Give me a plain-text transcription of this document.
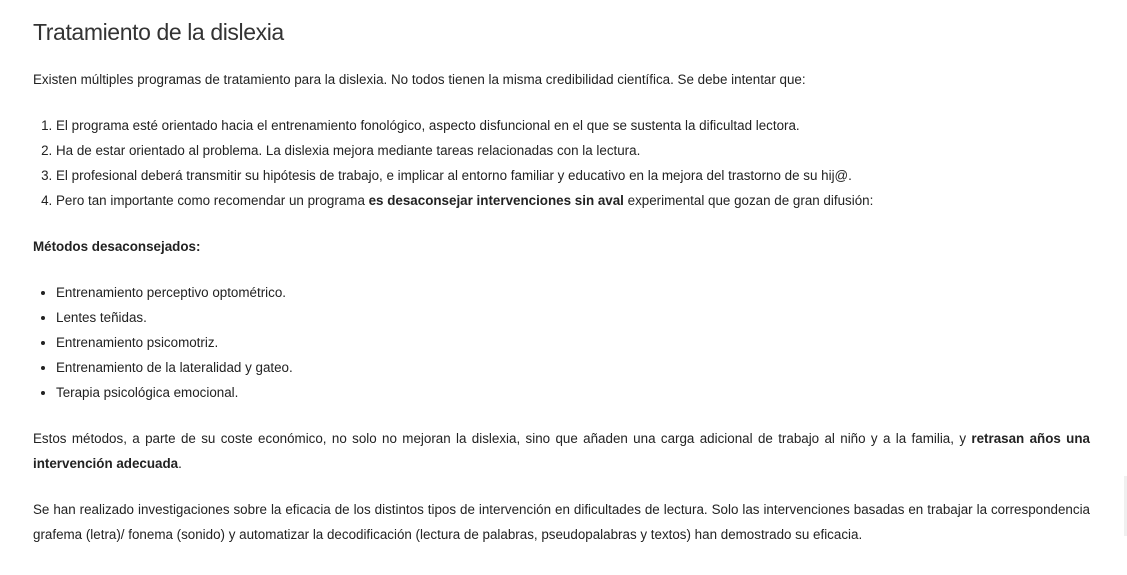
Tratamiento de la dislexia

Existen múltiples programas de tratamiento para la dislexia. No todos tienen la misma credibilidad científica. Se debe intentar que:

1. El programa esté orientado hacia el entrenamiento fonológico, aspecto disfuncional en el que se sustenta la dificultad lectora.
2. Ha de estar orientado al problema. La dislexia mejora mediante tareas relacionadas con la lectura.
3. El profesional deberá transmitir su hipótesis de trabajo, e implicar al entorno familiar y educativo en la mejora del trastorno de su hij@.
4. Pero tan importante como recomendar un programa es desaconsejar intervenciones sin aval experimental que gozan de gran difusión:

Métodos desaconsejados:

• Entrenamiento perceptivo optométrico.
• Lentes teñidas.
• Entrenamiento psicomotriz.
• Entrenamiento de la lateralidad y gateo.
• Terapia psicológica emocional.

Estos métodos, a parte de su coste económico, no solo no mejoran la dislexia, sino que añaden una carga adicional de trabajo al niño y a la familia, y retrasan años una intervención adecuada.

Se han realizado investigaciones sobre la eficacia de los distintos tipos de intervención en dificultades de lectura. Solo las intervenciones basadas en trabajar la correspondencia grafema (letra)/ fonema (sonido) y automatizar la decodificación (lectura de palabras, pseudopalabras y textos) han demostrado su eficacia.
